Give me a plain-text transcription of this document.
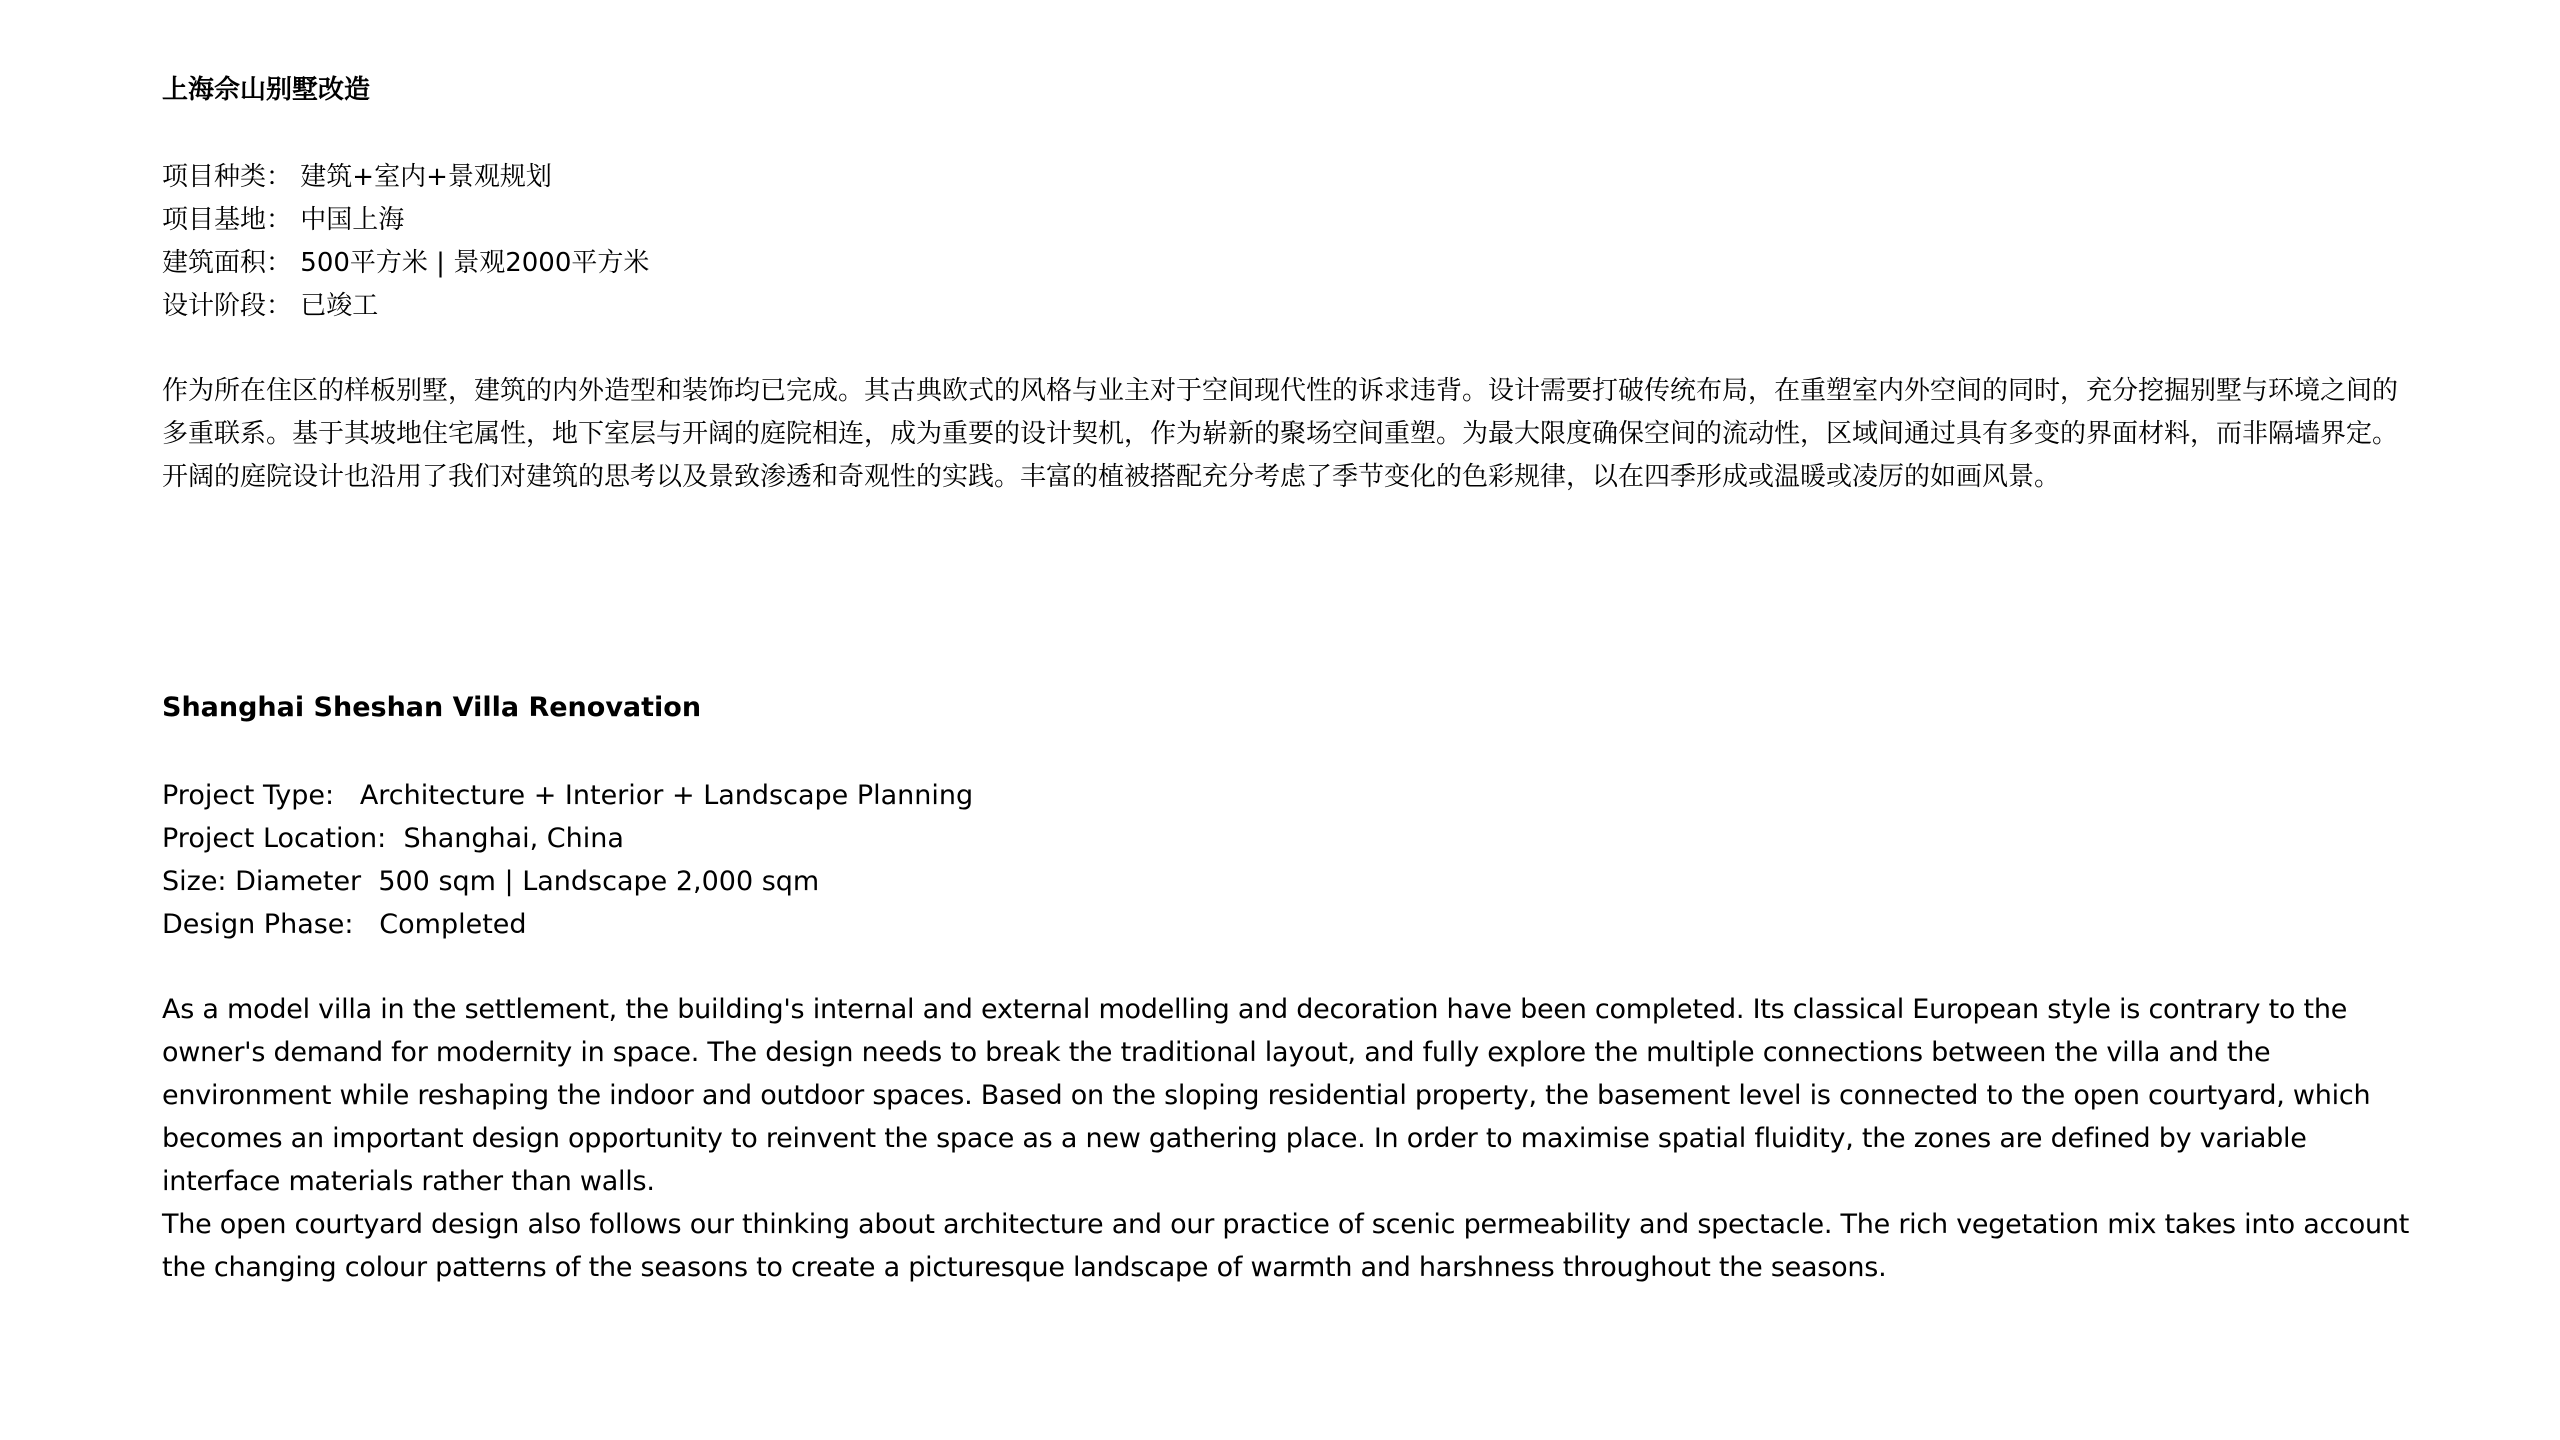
上海佘山别墅改造
项目种类： 建筑+室内+景观规划
项目基地： 中国上海
建筑面积： 500平方米 | 景观2000平方米
设计阶段： 已竣工

作为所在住区的样板别墅，建筑的内外造型和装饰均已完成。其古典欧式的风格与业主对于空间现代性的诉求违背。设计需要打破传统布局，在重塑室内外空间的同时，充分挖掘别墅与环境之间的多重联系。基于其坡地住宅属性，地下室层与开阔的庭院相连，成为重要的设计契机，作为崭新的聚场空间重塑。为最大限度确保空间的流动性，区域间通过具有多变的界面材料，而非隔墙界定。

开阔的庭院设计也沿用了我们对建筑的思考以及景致渗透和奇观性的实践。丰富的植被搭配充分考虑了季节变化的色彩规律，以在四季形成或温暖或凌厉的如画风景。

Shanghai Sheshan Villa Renovation
Project Type: Architecture + Interior + Landscape Planning
Project Location: Shanghai, China
Size: Diameter 500 sqm | Landscape 2,000 sqm
Design Phase: Completed

As a model villa in the settlement, the building's internal and external modelling and decoration have been completed. Its classical European style is contrary to the owner's demand for modernity in space. The design needs to break the traditional layout, and fully explore the multiple connections between the villa and the environment while reshaping the indoor and outdoor spaces. Based on the sloping residential property, the basement level is connected to the open courtyard, which becomes an important design opportunity to reinvent the space as a new gathering place. In order to maximise spatial fluidity, the zones are defined by variable interface materials rather than walls.

The open courtyard design also follows our thinking about architecture and our practice of scenic permeability and spectacle. The rich vegetation mix takes into account the changing colour patterns of the seasons to create a picturesque landscape of warmth and harshness throughout the seasons.
